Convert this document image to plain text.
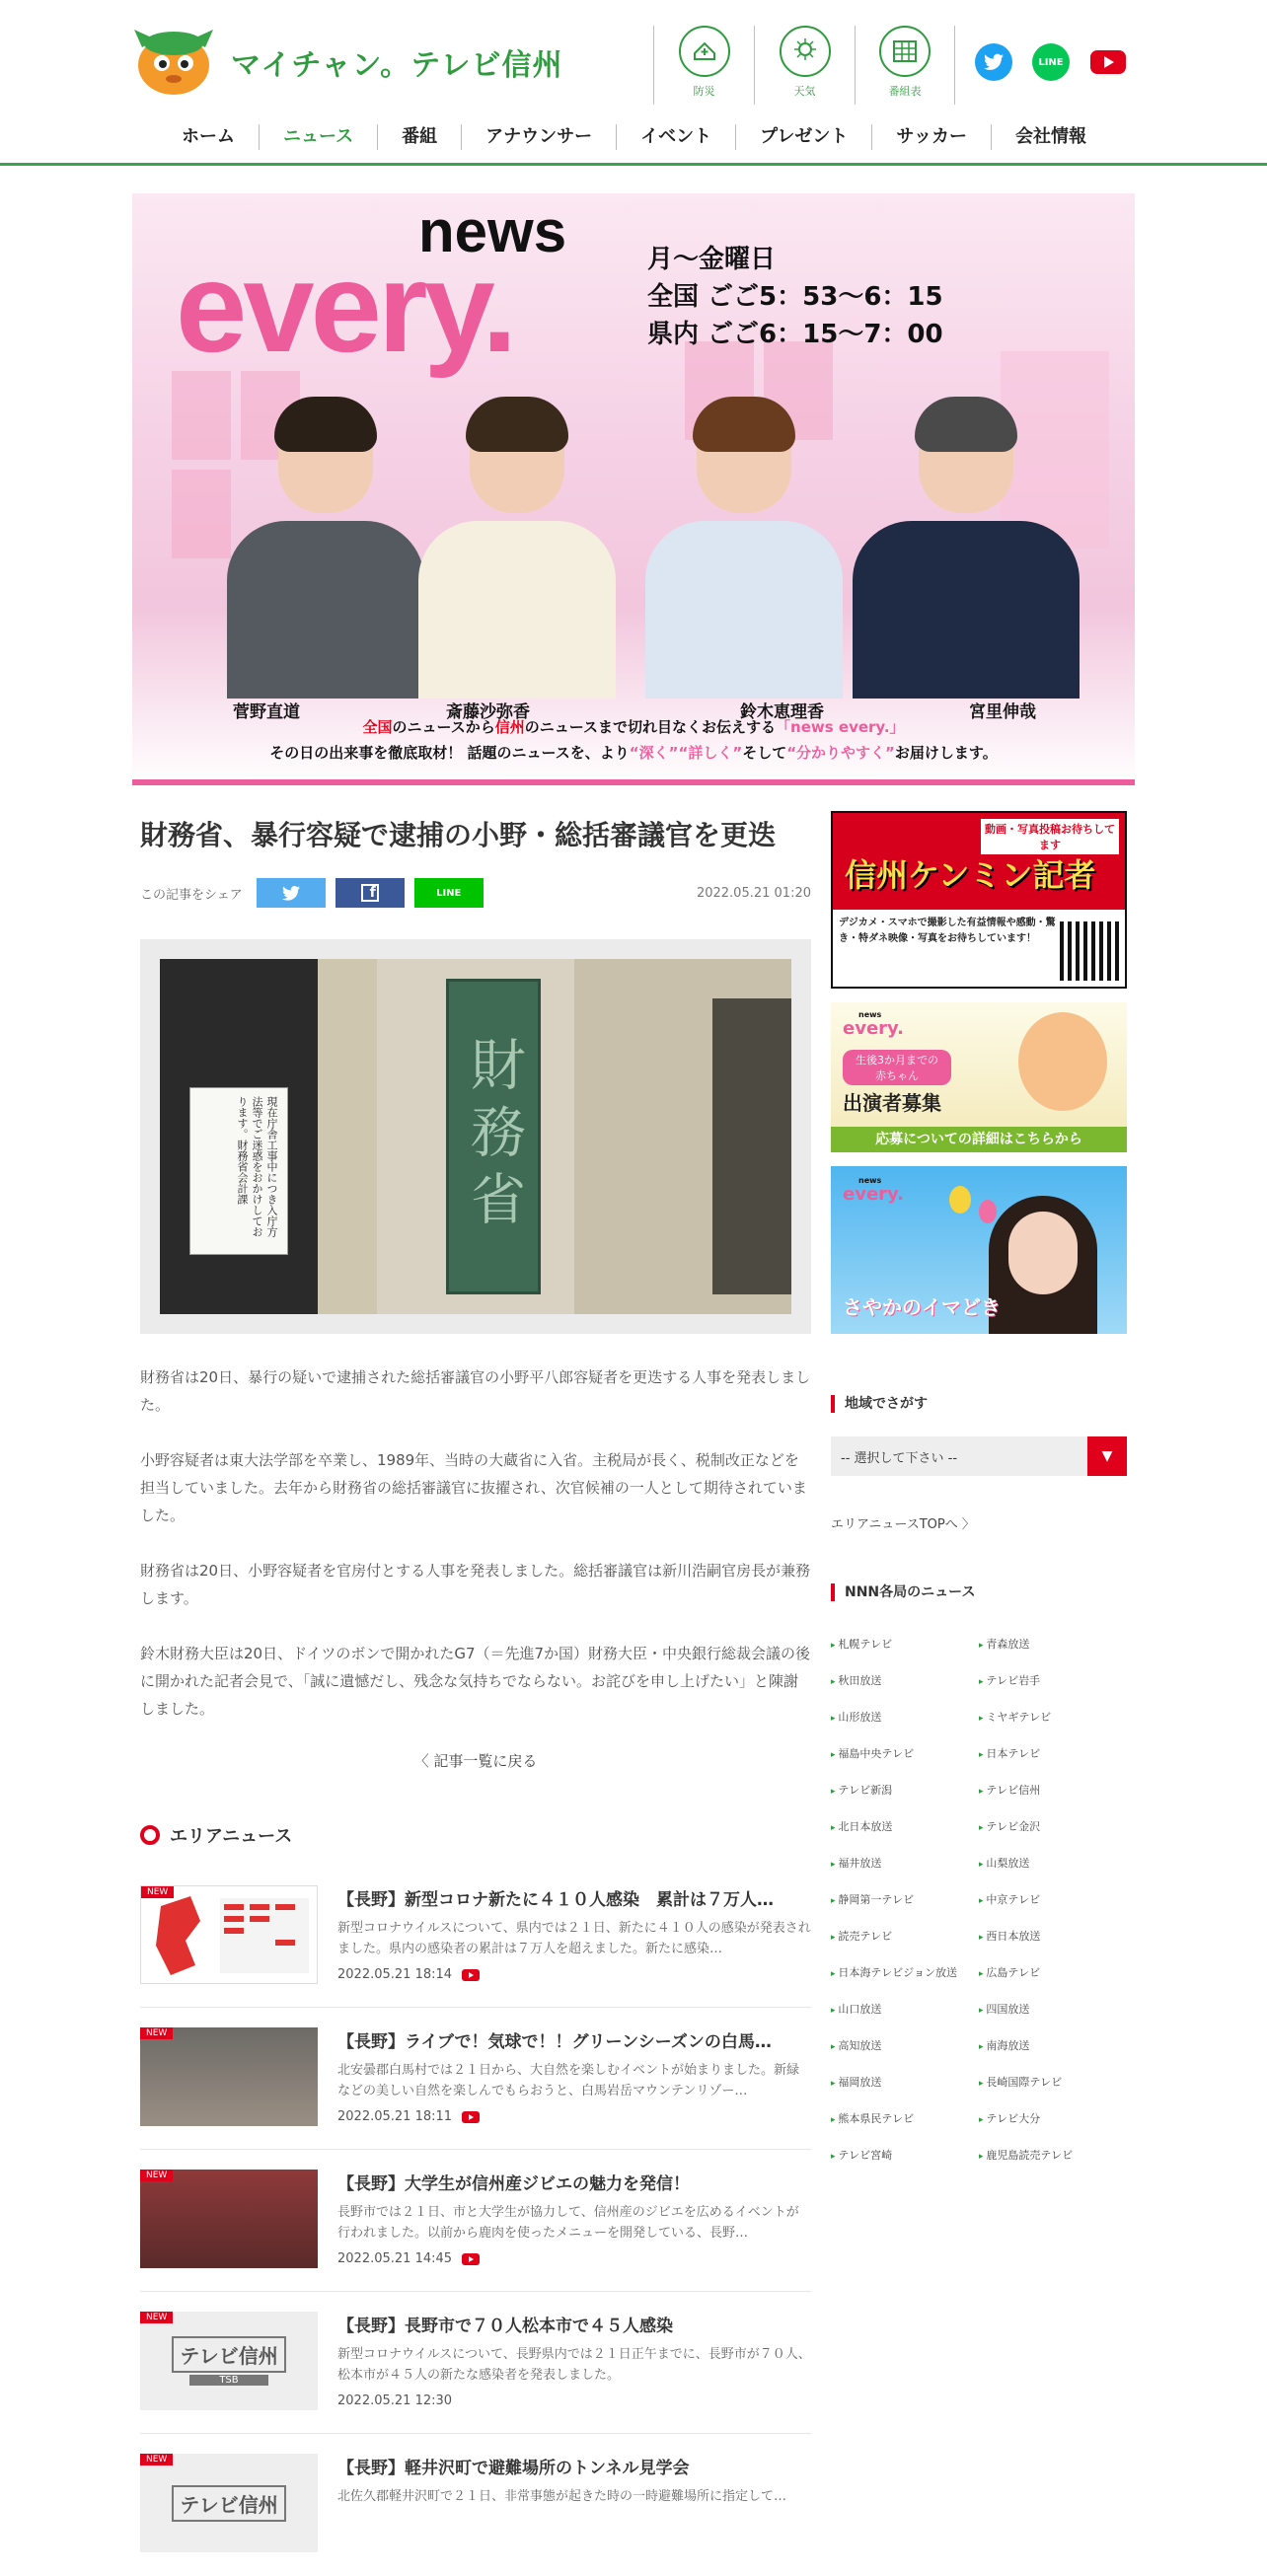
マイチャン。テレビ信州
防災	天気	番組表
LINE
ホーム	ニュース	番組	アナウンサー	イベント	プレゼント	サッカー	会社情報
news
every.	月〜金曜日
全国 ごご5：53〜6：15
県内 ごご6：15〜7：00
菅野直道	斎藤沙弥香	鈴木恵理香	宮里伸哉
全国のニュースから信州のニュースまで切れ目なくお伝えする「news every.」
その日の出来事を徹底取材！ 話題のニュースを、より“深く”“詳しく”そして“分かりやすく”お届けします。
財務省、暴行容疑で逮捕の小野・総括審議官を更迭
この記事をシェア	f	LINE	2022.05.21 01:20
現在庁舎工事中につき入庁方法等でご迷惑をおかけしております。財務省会計課	財務省

財務省は20日、暴行の疑いで逮捕された総括審議官の小野平八郎容疑者を更迭する人事を発表しました。

小野容疑者は東大法学部を卒業し、1989年、当時の大蔵省に入省。主税局が長く、税制改正などを担当していました。去年から財務省の総括審議官に抜擢され、次官候補の一人として期待されていました。

財務省は20日、小野容疑者を官房付とする人事を発表しました。総括審議官は新川浩嗣官房長が兼務します。

鈴木財務大臣は20日、ドイツのボンで開かれたG7（＝先進7か国）財務大臣・中央銀行総裁会議の後に開かれた記者会見で、「誠に遺憾だし、残念な気持ちでならない。お詫びを申し上げたい」と陳謝しました。

〈 記事一覧に戻る
エリアニュース
NEW	【長野】新型コロナ新たに４１０人感染　累計は７万人…
新型コロナウイルスについて、県内では２１日、新たに４１０人の感染が発表されました。県内の感染者の累計は７万人を超えました。新たに感染…
2022.05.21 18:14
NEW	【長野】ライブで！気球で！！グリーンシーズンの白馬…
北安曇郡白馬村では２１日から、大自然を楽しむイベントが始まりました。新緑などの美しい自然を楽しんでもらおうと、白馬岩岳マウンテンリゾー…
2022.05.21 18:11
NEW	【長野】大学生が信州産ジビエの魅力を発信！
長野市では２１日、市と大学生が協力して、信州産のジビエを広めるイベントが行われました。以前から鹿肉を使ったメニューを開発している、長野…
2022.05.21 14:45
テレビ信州
TSB
NEW	【長野】長野市で７０人松本市で４５人感染
新型コロナウイルスについて、長野県内では２１日正午までに、長野市が７０人、松本市が４５人の新たな感染者を発表しました。
2022.05.21 12:30
テレビ信州
NEW	【長野】軽井沢町で避難場所のトンネル見学会
北佐久郡軽井沢町で２１日、非常事態が起きた時の一時避難場所に指定して…
動画・写真投稿お待ちしてます
信州ケンミン記者
デジカメ・スマホで撮影した有益情報や感動・驚き・特ダネ映像・写真をお待ちしています！
news
every.
生後3か月までの赤ちゃん
出演者募集
応募についての詳細はこちらから
news
every.
さやかのイマどき
地域でさがす
-- 選択して下さい --	▼
エリアニュースTOPへ 〉
NNN各局のニュース
▸ 札幌テレビ	▸ 青森放送
▸ 秋田放送	▸ テレビ岩手
▸ 山形放送	▸ ミヤギテレビ
▸ 福島中央テレビ	▸ 日本テレビ
▸ テレビ新潟	▸ テレビ信州
▸ 北日本放送	▸ テレビ金沢
▸ 福井放送	▸ 山梨放送
▸ 静岡第一テレビ	▸ 中京テレビ
▸ 読売テレビ	▸ 西日本放送
▸ 日本海テレビジョン放送	▸ 広島テレビ
▸ 山口放送	▸ 四国放送
▸ 高知放送	▸ 南海放送
▸ 福岡放送	▸ 長崎国際テレビ
▸ 熊本県民テレビ	▸ テレビ大分
▸ テレビ宮崎	▸ 鹿児島読売テレビ
